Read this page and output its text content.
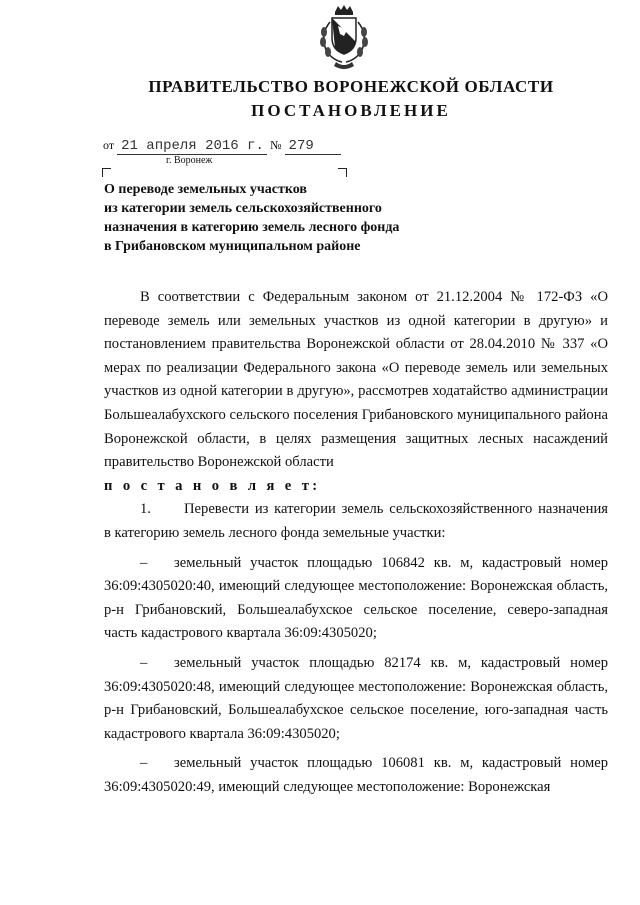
ПРАВИТЕЛЬСТВО ВОРОНЕЖСКОЙ ОБЛАСТИ
ПОСТАНОВЛЕНИЕ
от 21 апреля 2016 г. № 279
г. Воронеж
О переводе земельных участков
из категории земель сельскохозяйственного
назначения в категорию земель лесного фонда
в Грибановском муниципальном районе

В соответствии с Федеральным законом от 21.12.2004 № 172-ФЗ «О переводе земель или земельных участков из одной категории в другую» и постановлением правительства Воронежской области от 28.04.2010 № 337 «О мерах по реализации Федерального закона «О переводе земель или земельных участков из одной категории в другую», рассмотрев ходатайство администрации Большеалабухского сельского поселения Грибановского муниципального района Воронежской области, в целях размещения защитных лесных насаждений правительство Воронежской области

п о с т а н о в л я е т:

1. Перевести из категории земель сельскохозяйственного назначения в категорию земель лесного фонда земельные участки:

– земельный участок площадью 106842 кв. м, кадастровый номер 36:09:4305020:40, имеющий следующее местоположение: Воронежская область, р-н Грибановский, Большеалабухское сельское поселение, северо-западная часть кадастрового квартала 36:09:4305020;

– земельный участок площадью 82174 кв. м, кадастровый номер 36:09:4305020:48, имеющий следующее местоположение: Воронежская область, р-н Грибановский, Большеалабухское сельское поселение, юго-западная часть кадастрового квартала 36:09:4305020;

– земельный участок площадью 106081 кв. м, кадастровый номер 36:09:4305020:49, имеющий следующее местоположение: Воронежская
